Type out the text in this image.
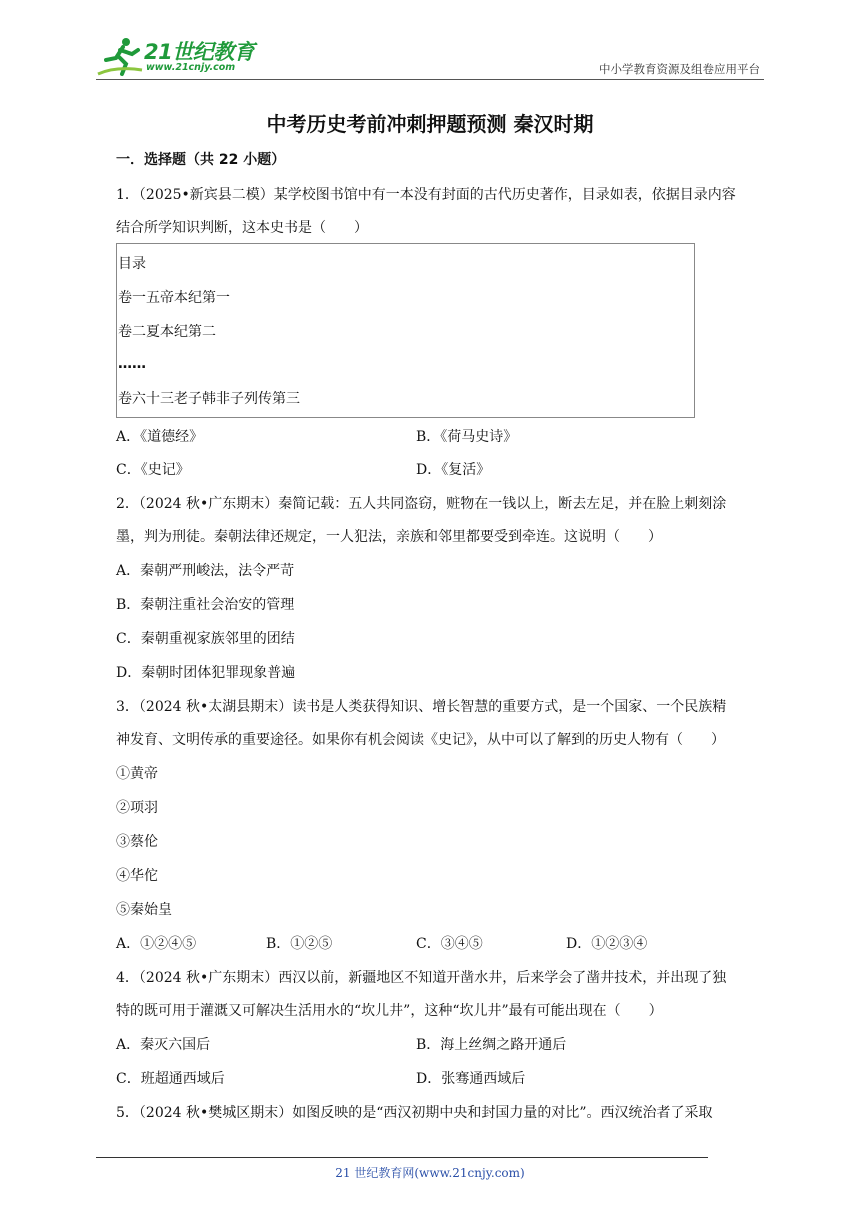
21世纪教育
www.21cnjy.com	中小学教育资源及组卷应用平台
中考历史考前冲刺押题预测 秦汉时期
一．选择题（共 22 小题）
1．（2025•新宾县二模）某学校图书馆中有一本没有封面的古代历史著作，目录如表，依据目录内容
结合所学知识判断，这本史书是（　　）
目录
卷一五帝本纪第一
卷二夏本纪第二
……
卷六十三老子韩非子列传第三
A．《道德经》	B．《荷马史诗》
C．《史记》	D．《复活》
2．（2024 秋•广东期末）秦简记载：五人共同盗窃，赃物在一钱以上，断去左足，并在脸上刺刻涂
墨，判为刑徒。秦朝法律还规定，一人犯法，亲族和邻里都要受到牵连。这说明（　　）
A．秦朝严刑峻法，法令严苛
B．秦朝注重社会治安的管理
C．秦朝重视家族邻里的团结
D．秦朝时团体犯罪现象普遍
3．（2024 秋•太湖县期末）读书是人类获得知识、增长智慧的重要方式，是一个国家、一个民族精
神发育、文明传承的重要途径。如果你有机会阅读《史记》，从中可以了解到的历史人物有（　　）
①黄帝
②项羽
③蔡伦
④华佗
⑤秦始皇
A．①②④⑤	B．①②⑤	C．③④⑤	D．①②③④
4．（2024 秋•广东期末）西汉以前，新疆地区不知道开凿水井，后来学会了凿井技术，并出现了独
特的既可用于灌溉又可解决生活用水的“坎儿井”，这种“坎儿井”最有可能出现在（　　）
A．秦灭六国后	B．海上丝绸之路开通后
C．班超通西域后	D．张骞通西域后
5．（2024 秋•樊城区期末）如图反映的是“西汉初期中央和封国力量的对比”。西汉统治者了采取
21 世纪教育网(www.21cnjy.com)
